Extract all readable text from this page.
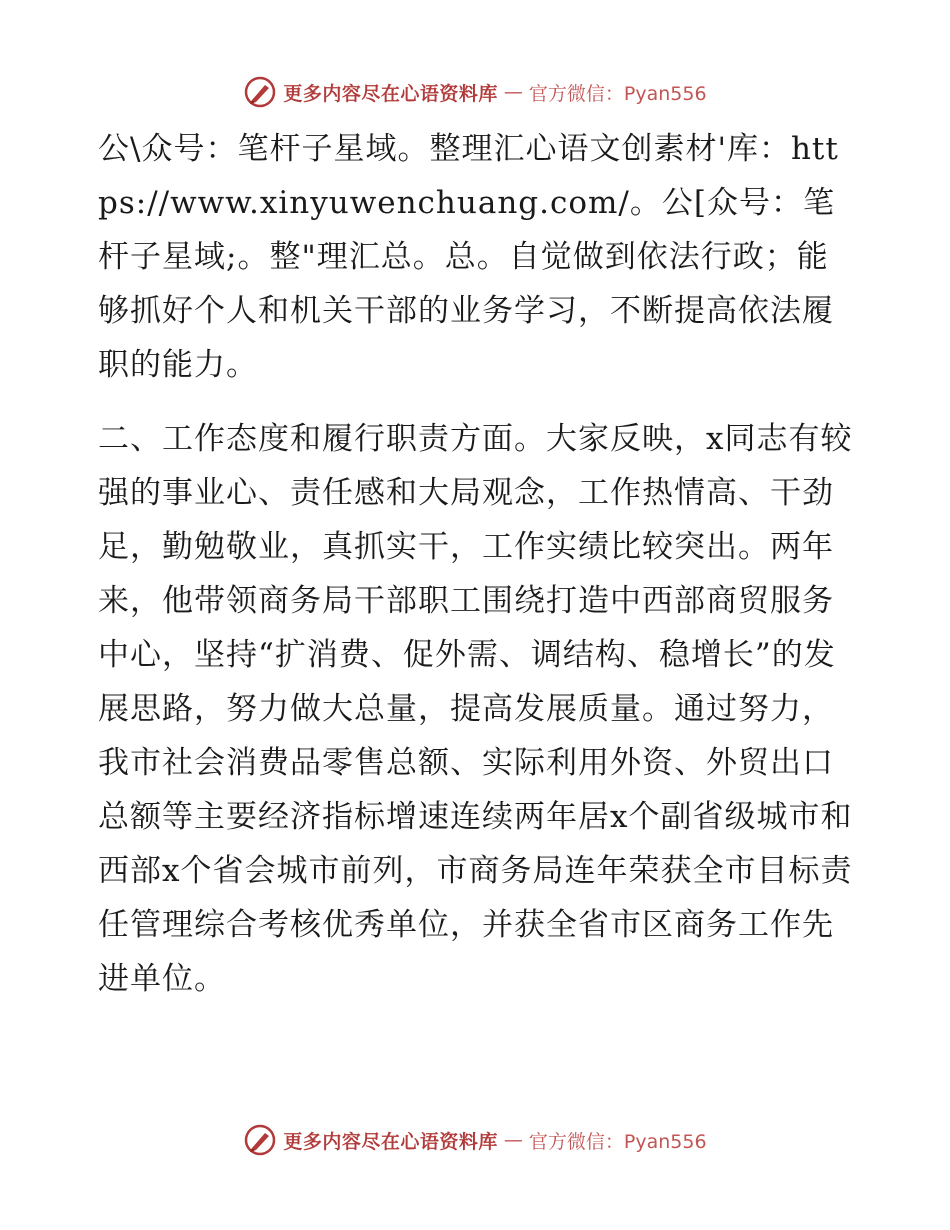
更多内容尽在心语资料库 — 官方微信：Pyan556

公\众号：笔杆子星域。整理汇心语文创素材'库：https://www.xinyuwenchuang.com/。公[众号：笔杆子星域;。整"理汇总。总。自觉做到依法行政；能够抓好个人和机关干部的业务学习，不断提高依法履职的能力。

二、工作态度和履行职责方面。大家反映，x同志有较强的事业心、责任感和大局观念，工作热情高、干劲足，勤勉敬业，真抓实干，工作实绩比较突出。两年来，他带领商务局干部职工围绕打造中西部商贸服务中心，坚持“扩消费、促外需、调结构、稳增长”的发展思路，努力做大总量，提高发展质量。通过努力，我市社会消费品零售总额、实际利用外资、外贸出口总额等主要经济指标增速连续两年居x个副省级城市和西部x个省会城市前列，市商务局连年荣获全市目标责任管理综合考核优秀单位，并获全省市区商务工作先进单位。

更多内容尽在心语资料库 — 官方微信：Pyan556
